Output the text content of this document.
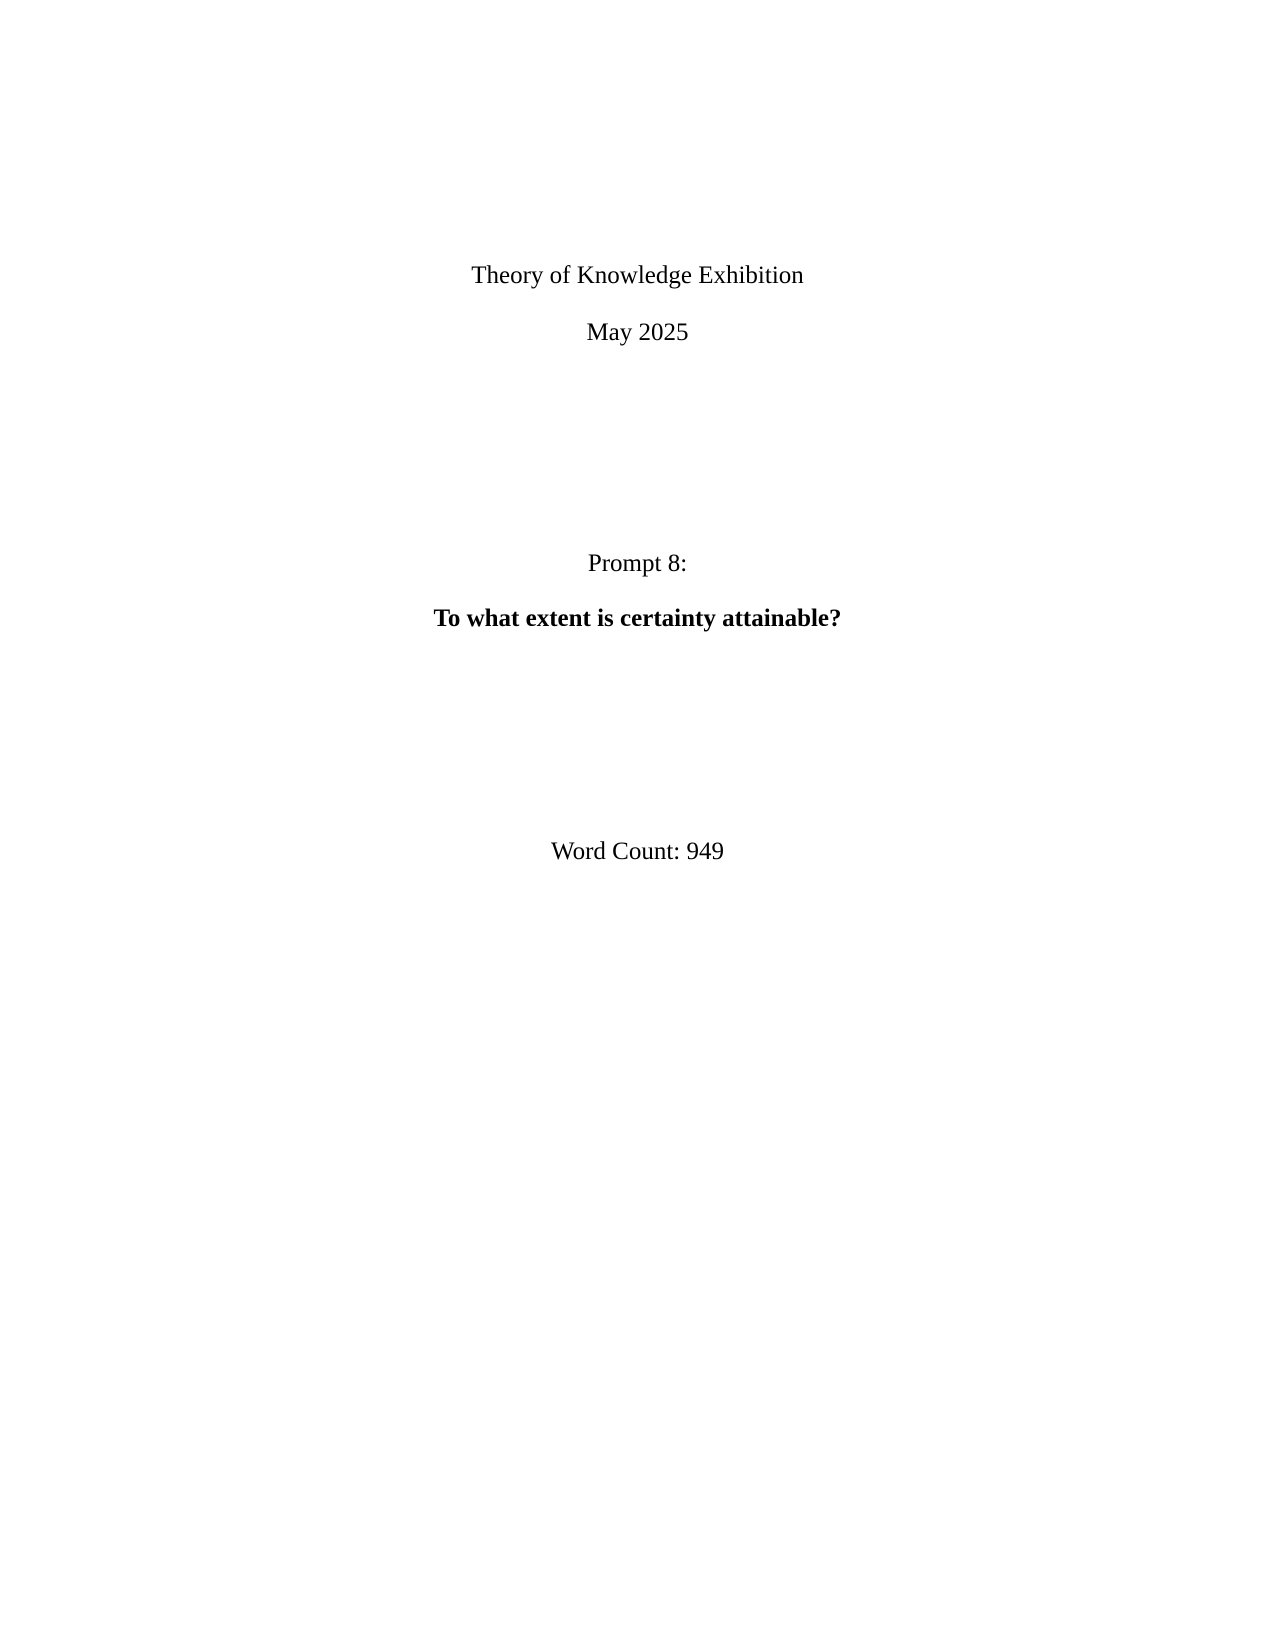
Theory of Knowledge Exhibition
May 2025
Prompt 8:
To what extent is certainty attainable?
Word Count: 949
